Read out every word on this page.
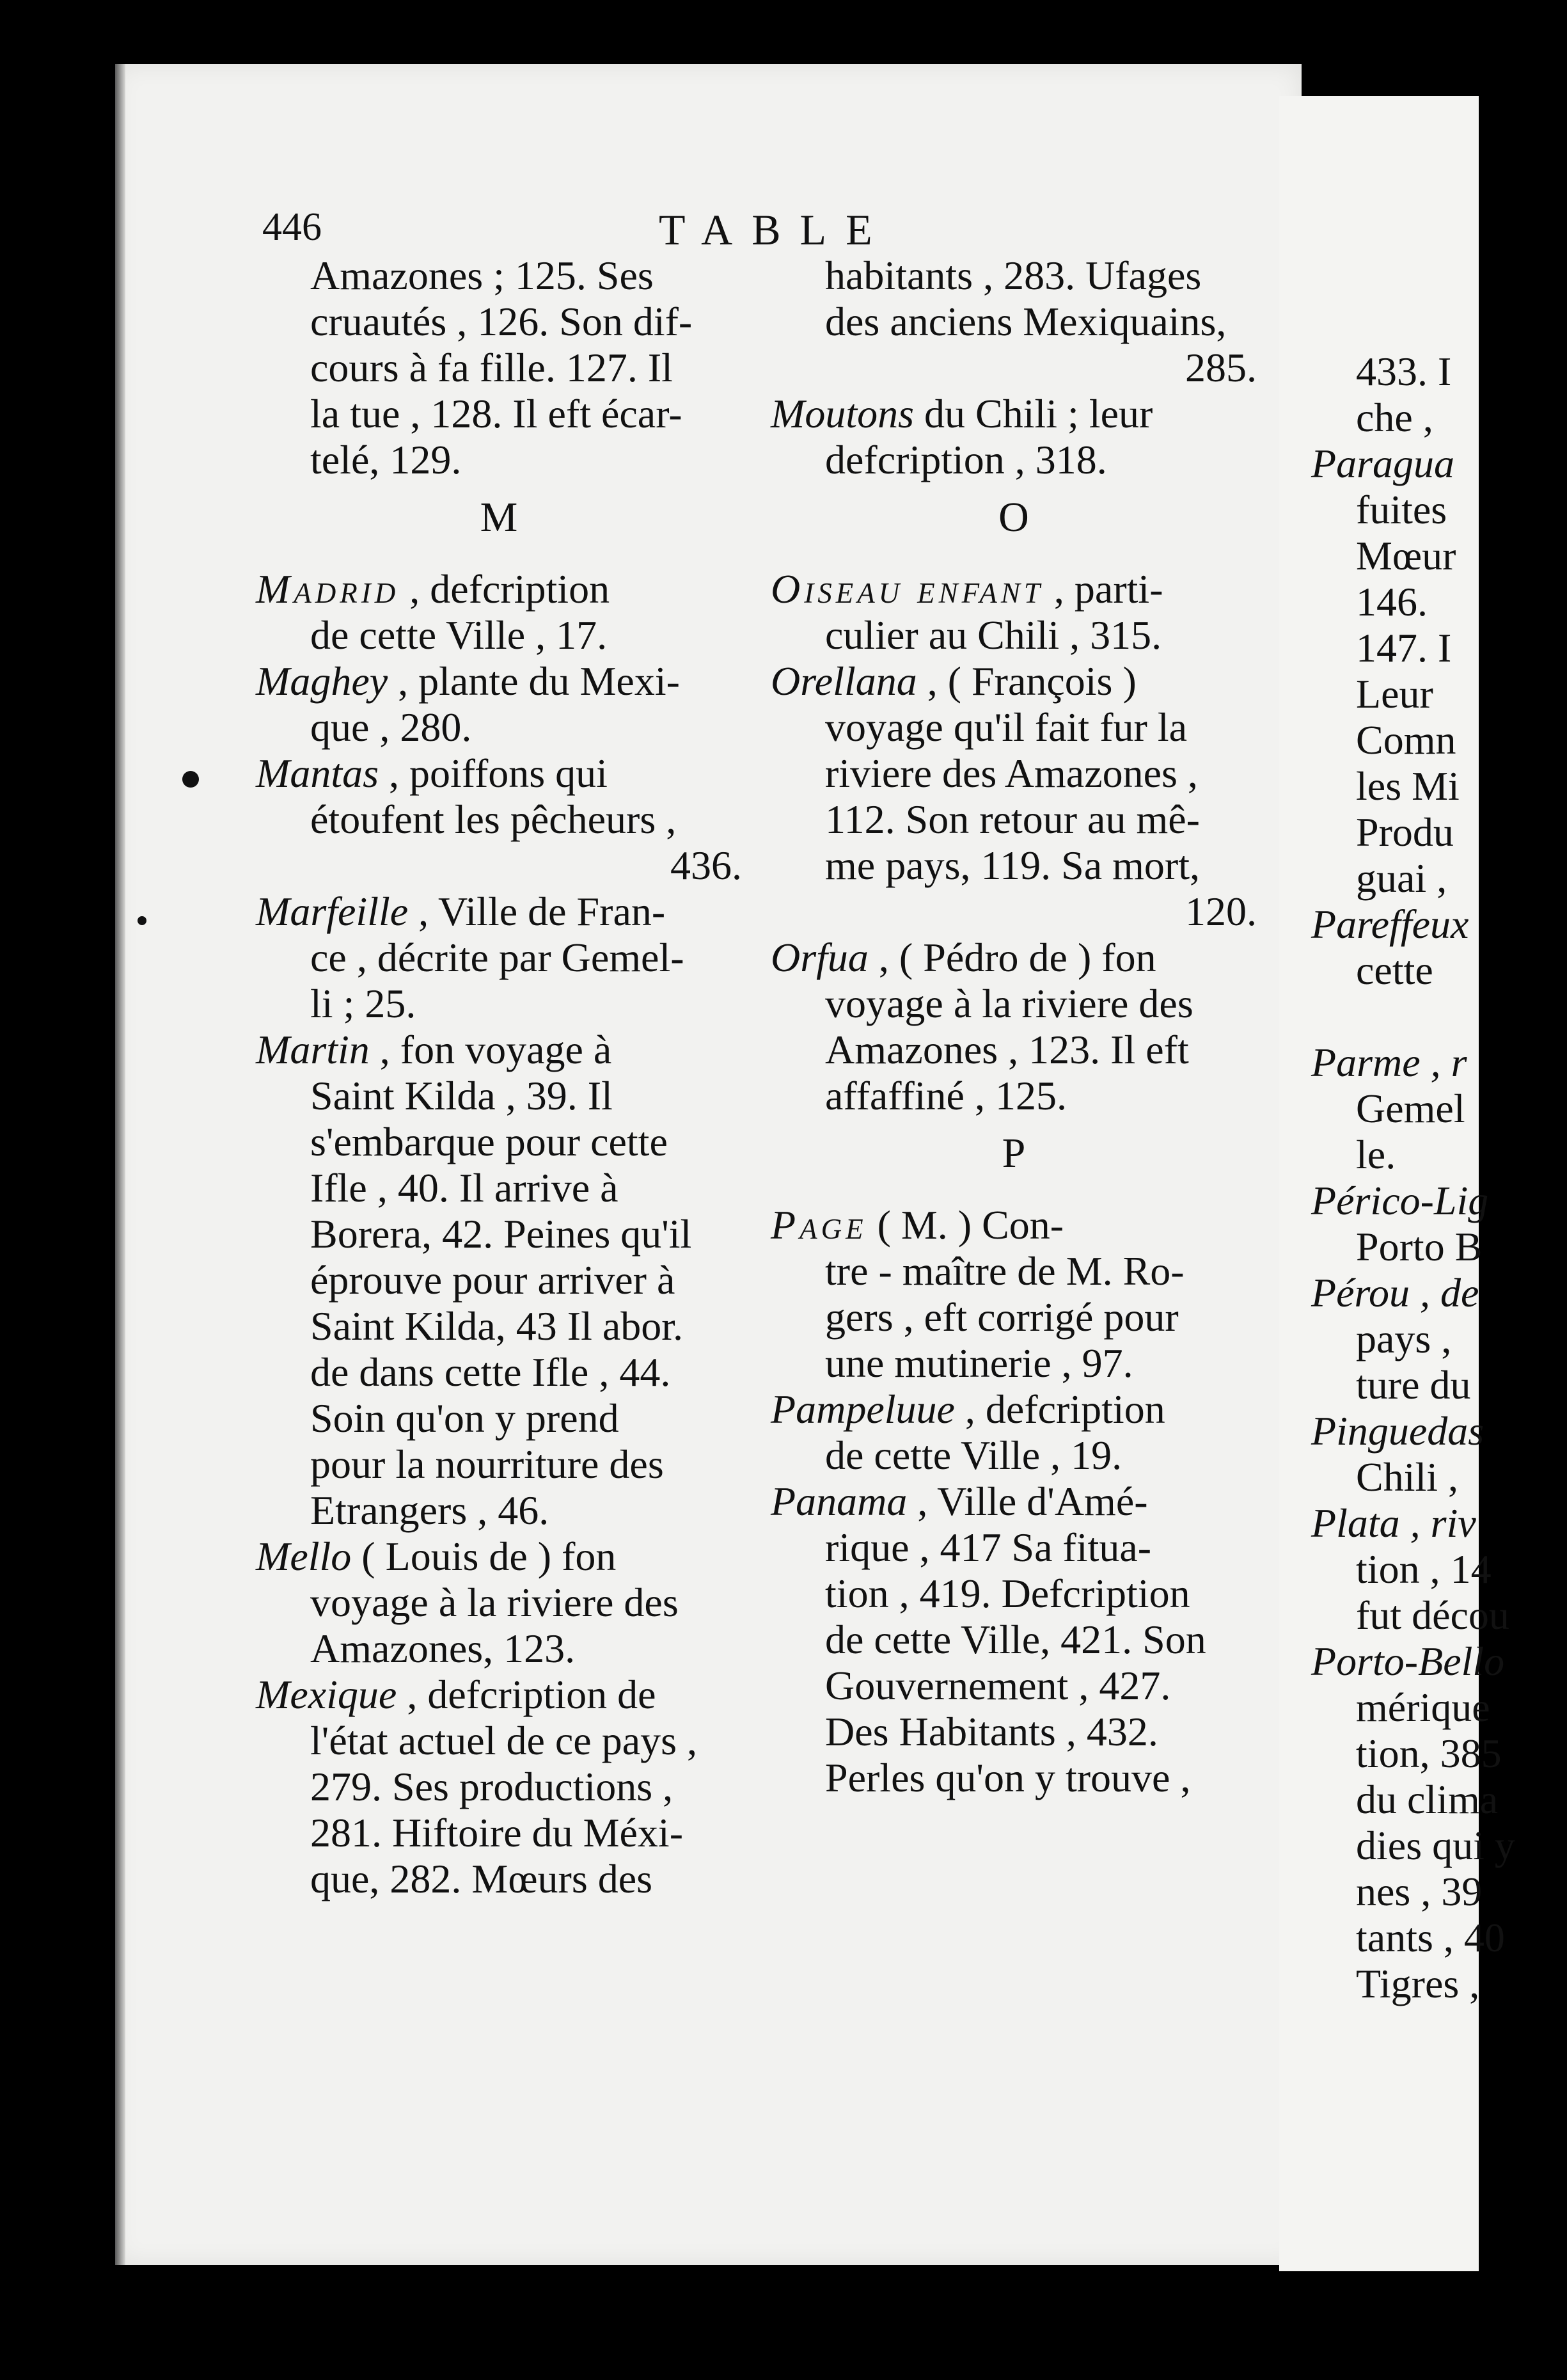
446	TABLE
Amazones ; 125. Ses
cruautés , 126. Son dif-
cours à fa fille. 127. Il
la tue , 128. Il eft écar-
telé, 129.
M
Madrid , defcription
de cette Ville , 17.
Maghey , plante du Mexi-
que , 280.
Mantas , poiffons qui
étoufent les pêcheurs ,
436.
Marfeille , Ville de Fran-
ce , décrite par Gemel-
li ; 25.
Martin , fon voyage à
Saint Kilda , 39. Il
s'embarque pour cette
Ifle , 40. Il arrive à
Borera, 42. Peines qu'il
éprouve pour arriver à
Saint Kilda, 43 Il abor.
de dans cette Ifle , 44.
Soin qu'on y prend
pour la nourriture des
Etrangers , 46.
Mello ( Louis de ) fon
voyage à la riviere des
Amazones, 123.
Mexique , defcription de
l'état actuel de ce pays ,
279. Ses productions ,
281. Hiftoire du Méxi-
que, 282. Mœurs des
habitants , 283. Ufages
des anciens Mexiquains,
285.
Moutons du Chili ; leur
defcription , 318.
O
Oiseau enfant , parti-
culier au Chili , 315.
Orellana , ( François )
voyage qu'il fait fur la
riviere des Amazones ,
112. Son retour au mê-
me pays, 119. Sa mort,
120.
Orfua , ( Pédro de ) fon
voyage à la riviere des
Amazones , 123. Il eft
affaffiné , 125.
P
Page ( M. ) Con-
tre - maître de M. Ro-
gers , eft corrigé pour
une mutinerie , 97.
Pampeluue , defcription
de cette Ville , 19.
Panama , Ville d'Amé-
rique , 417 Sa fitua-
tion , 419. Defcription
de cette Ville, 421. Son
Gouvernement , 427.
Des Habitants , 432.
Perles qu'on y trouve ,
433. I
che ,
Paragua
fuites
Mœur
146.
147. I
Leur
Comn
les Mi
Produ
guai ,
Pareffeux
cette

Parme , r
Gemel
le.
Périco-Lig
Porto B
Pérou , de
pays ,
ture du
Pinguedas
Chili ,
Plata , riv
tion , 14
fut décou
Porto-Bello
mérique
tion, 385
du clima
dies qui y
nes , 39
tants , 40
Tigres ,
